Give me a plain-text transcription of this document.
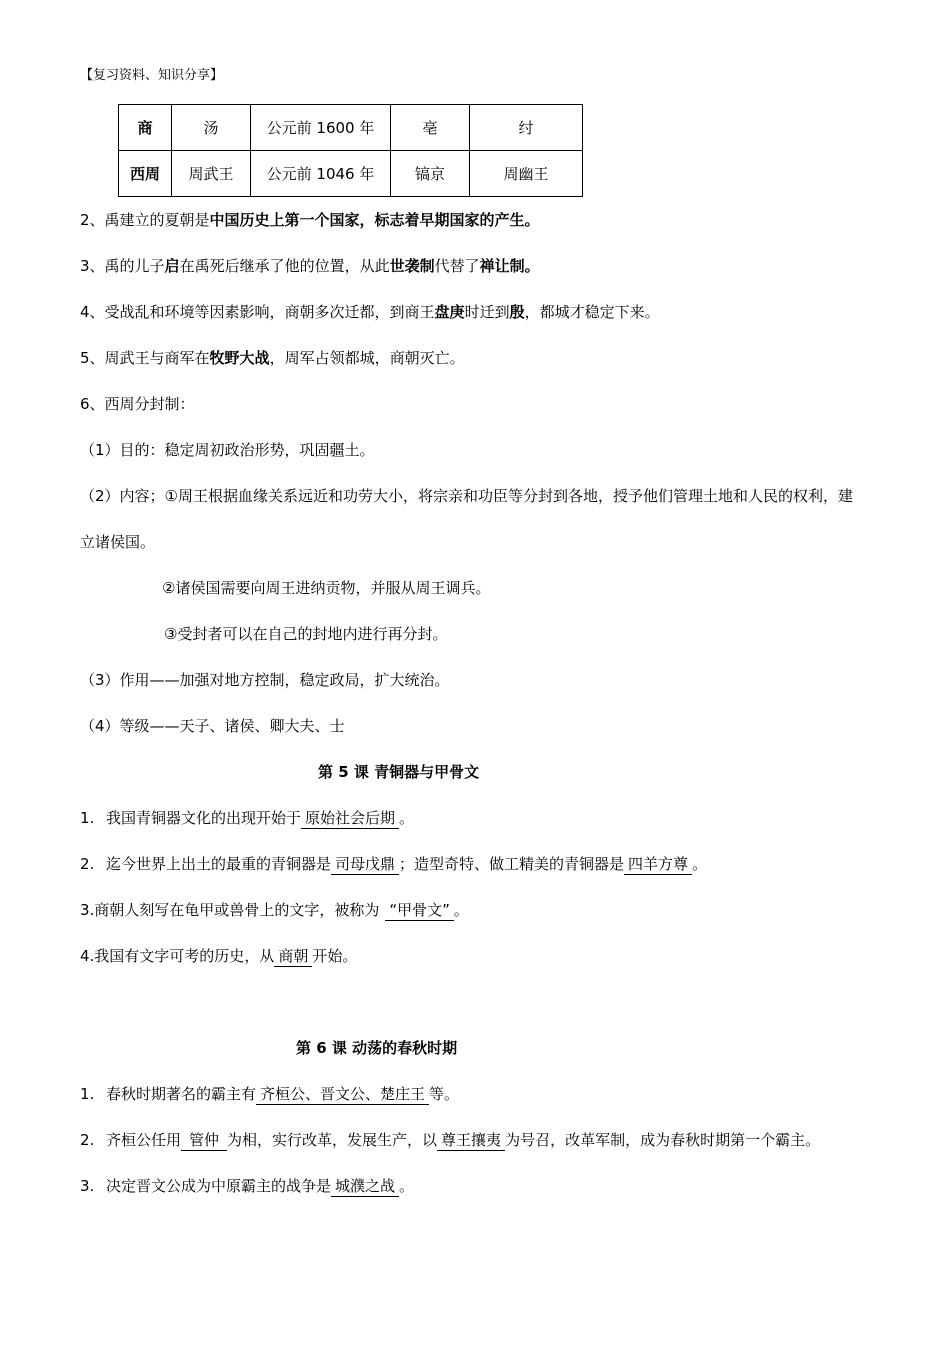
【复习资料、知识分享】
商	汤	公元前 1600 年	亳	纣
西周	周武王	公元前 1046 年	镐京	周幽王
2、禹建立的夏朝是中国历史上第一个国家，标志着早期国家的产生。
3、禹的儿子启在禹死后继承了他的位置，从此世袭制代替了禅让制。
4、受战乱和环境等因素影响，商朝多次迁都，到商王盘庚时迁到殷，都城才稳定下来。
5、周武王与商军在牧野大战，周军占领都城，商朝灭亡。
6、西周分封制：
（1）目的：稳定周初政治形势，巩固疆土。
（2）内容；①周王根据血缘关系远近和功劳大小，将宗亲和功臣等分封到各地，授予他们管理土地和人民的权利，建
立诸侯国。
②诸侯国需要向周王进纳贡物，并服从周王调兵。
③受封者可以在自己的封地内进行再分封。
（3）作用——加强对地方控制，稳定政局，扩大统治。
（4）等级——天子、诸侯、卿大夫、士
第 5 课 青铜器与甲骨文
1. 我国青铜器文化的出现开始于 原始社会后期 。
2. 迄今世界上出土的最重的青铜器是 司母戊鼎 ；造型奇特、做工精美的青铜器是 四羊方尊 。
3.商朝人刻写在龟甲或兽骨上的文字，被称为 “甲骨文” 。
4.我国有文字可考的历史，从 商朝 开始。
第 6 课 动荡的春秋时期
1. 春秋时期著名的霸主有 齐桓公、晋文公、楚庄王 等。
2. 齐桓公任用 管仲 为相，实行改革，发展生产，以 尊王攘夷 为号召，改革军制，成为春秋时期第一个霸主。
3. 决定晋文公成为中原霸主的战争是 城濮之战 。
